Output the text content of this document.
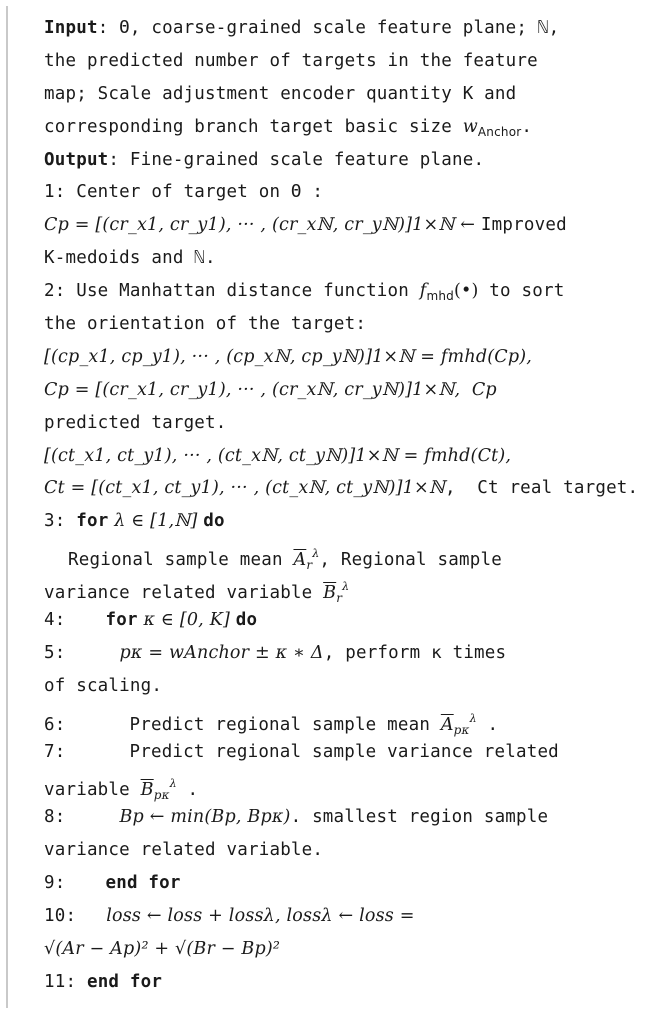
Input: Θ, coarse-grained scale feature plane; ℕ,
the predicted number of targets in the feature
map; Scale adjustment encoder quantity K and
corresponding branch target basic size $w_{Anchor}$.
Output: Fine-grained scale feature plane.
1: Center of target on Θ :
Cp = [(cr_x1, cr_y1), ··· , (cr_xℕ, cr_yℕ)]1×ℕ ← Improved
K-medoids and ℕ.
2: Use Manhattan distance function $f_{mhd}(•)$ to sort
the orientation of the target:
[(cp_x1, cp_y1), ··· , (cp_xℕ, cp_yℕ)]1×ℕ = fmhd(Cp),
Cp = [(cr_x1, cr_y1), ··· , (cr_xℕ, cr_yℕ)]1×ℕ,  Cp
predicted target.
[(ct_x1, ct_y1), ··· , (ct_xℕ, ct_yℕ)]1×ℕ = fmhd(Ct),
Ct = [(ct_x1, ct_y1), ··· , (ct_xℕ, ct_yℕ)]1×ℕ,  Ct real target.
3: for λ ∈ [1,ℕ] do
Regional sample mean $\overline{A}_r^\lambda$, Regional sample
variance related variable $\overline{B}_r^\lambda$
4: for κ ∈ [0, K] do
5:	pκ = wAnchor ± κ ∗ Δ, perform κ times
of scaling.
6:	Predict regional sample mean $\overline{A}_{p\kappa}^\lambda$ .
7:	Predict regional sample variance related
variable $\overline{B}_{p\kappa}^\lambda$ .
8:	Bp ← min(Bp, Bpκ). smallest region sample
variance related variable.
9: end for
10: loss ← loss + lossλ, lossλ ← loss =
√(Ar − Ap)² + √(Br − Bp)²
11: end for
